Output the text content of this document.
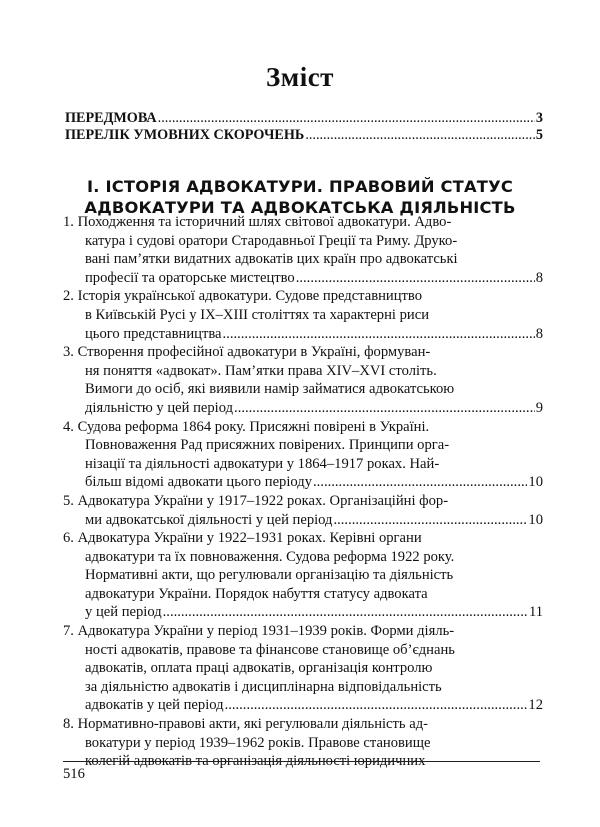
Зміст
ПЕРЕДМОВА .....	3
ПЕРЕЛІК УМОВНИХ СКОРОЧЕНЬ .....	5
І. ІСТОРІЯ АДВОКАТУРИ. ПРАВОВИЙ СТАТУС
АДВОКАТУРИ ТА АДВОКАТСЬКА ДІЯЛЬНІСТЬ
1. Походження та історичний шлях світової адвокатури. Адво-
катура і судові оратори Стародавньої Греції та Риму. Друко-
вані пам’ятки видатних адвокатів цих країн про адвокатські
професії та ораторське мистецтво .....	8
2. Історія української адвокатури. Судове представництво
в Київській Русі у IX–XIII століттях та характерні риси
цього представництва .....	8
3. Створення професійної адвокатури в Україні, формуван-
ня поняття «адвокат». Пам’ятки права XIV–XVI століть.
Вимоги до осіб, які виявили намір займатися адвокатською
діяльністю у цей період .....	9
4. Судова реформа 1864 року. Присяжні повірені в Україні.
Повноваження Рад присяжних повірених. Принципи орга-
нізації та діяльності адвокатури у 1864–1917 роках. Най-
більш відомі адвокати цього періоду .....	10
5. Адвокатура України у 1917–1922 роках. Організаційні фор-
ми адвокатської діяльності у цей період .....	10
6. Адвокатура України у 1922–1931 роках. Керівні органи
адвокатури та їх повноваження. Судова реформа 1922 року.
Нормативні акти, що регулювали організацію та діяльність
адвокатури України. Порядок набуття статусу адвоката
у цей період .....	11
7. Адвокатура України у період 1931–1939 років. Форми діяль-
ності адвокатів, правове та фінансове становище об’єднань
адвокатів, оплата праці адвокатів, організація контролю
за діяльністю адвокатів і дисциплінарна відповідальність
адвокатів у цей період .....	12
8. Нормативно-правові акти, які регулювали діяльність ад-
вокатури у період 1939–1962 років. Правове становище
колегій адвокатів та організація діяльності юридичних
516
